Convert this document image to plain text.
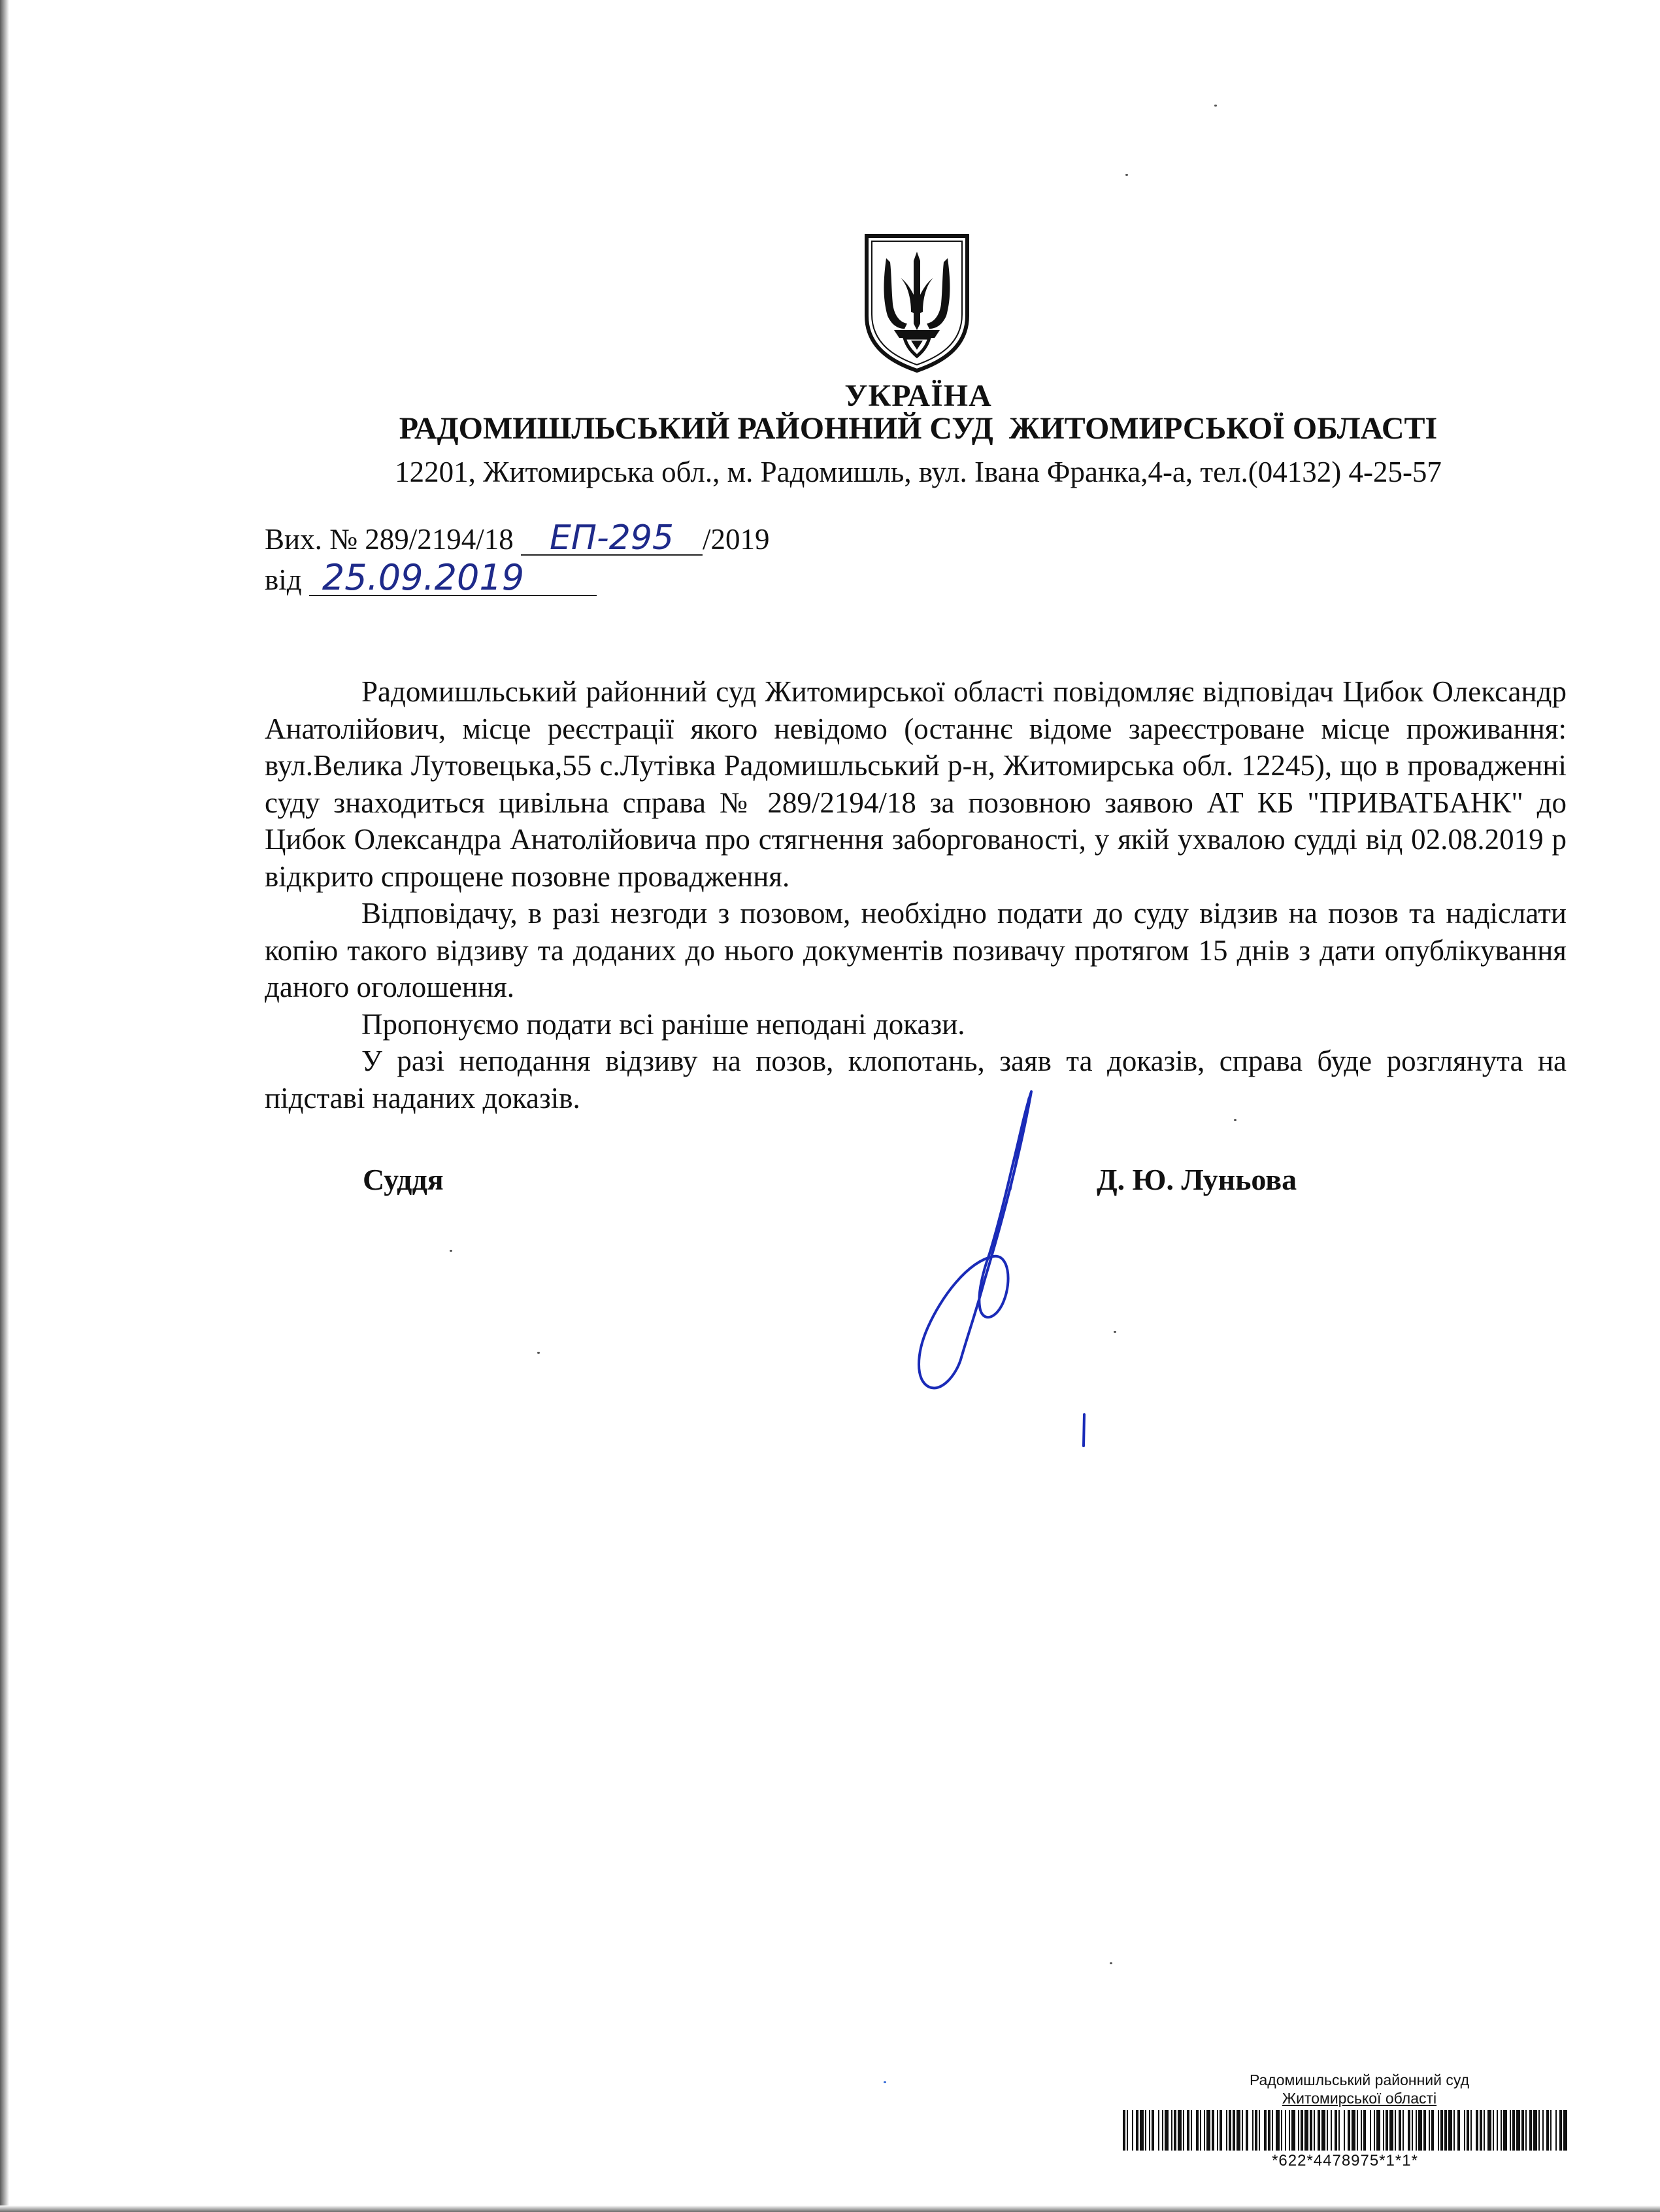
УКРАЇНА
РАДОМИШЛЬСЬКИЙ РАЙОННИЙ СУД  ЖИТОМИРСЬКОЇ ОБЛАСТІ
12201, Житомирська обл., м. Радомишль, вул. Івана Франка,4-а, тел.(04132) 4-25-57
Вих. № 289/2194/18 ЕП-295 /2019
від 25.09.2019

Радомишльський районний суд Житомирської області повідомляє відповідач Цибок Олександр Анатолійович, місце реєстрації якого невідомо (останнє відоме зареєстроване місце проживання: вул.Велика Лутовецька,55 с.Лутівка Радомишльський р-н, Житомирська обл. 12245), що в провадженні суду знаходиться цивільна справа № 289/2194/18 за позовною заявою АТ КБ "ПРИВАТБАНК" до Цибок Олександра Анатолійовича про стягнення заборгованості, у якій ухвалою судді від 02.08.2019 р відкрито спрощене позовне провадження.

Відповідачу, в разі незгоди з позовом, необхідно подати до суду відзив на позов та надіслати копію такого відзиву та доданих до нього документів позивачу протягом 15 днів з дати опублікування даного оголошення.

Пропонуємо подати всі раніше неподані докази.

У разі неподання відзиву на позов, клопотань, заяв та доказів, справа буде розглянута на підставі наданих доказів.

Суддя	Д. Ю. Луньова
Радомишльський районний суд
Житомирської області
*622*4478975*1*1*
